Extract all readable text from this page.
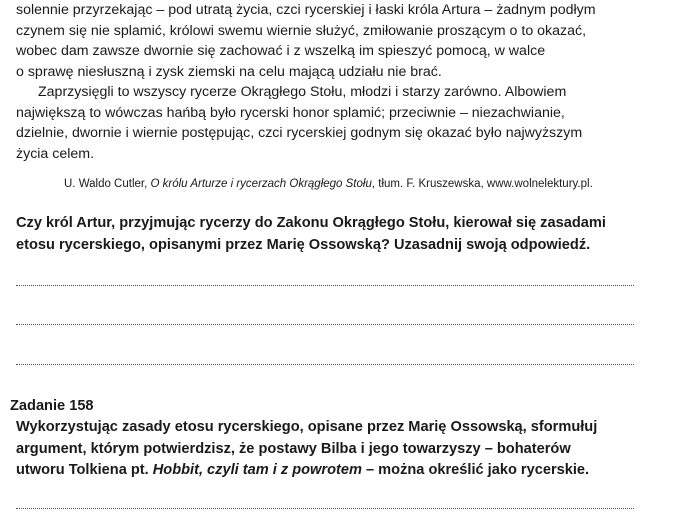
solennie przyrzekając – pod utratą życia, czci rycerskiej i łaski króla Artura – żadnym podłym
czynem się nie splamić, królowi swemu wiernie służyć, zmiłowanie proszącym o to okazać,
wobec dam zawsze dwornie się zachować i z wszelką im spieszyć pomocą, w walce
o sprawę niesłuszną i zysk ziemski na celu mającą udziału nie brać.

Zaprzysięgli to wszyscy rycerze Okrągłego Stołu, młodzi i starzy zarówno. Albowiem
największą to wówczas hańbą było rycerski honor splamić; przeciwnie – niezachwianie,
dzielnie, dwornie i wiernie postępując, czci rycerskiej godnym się okazać było najwyższym
życia celem.

U. Waldo Cutler, O królu Arturze i rycerzach Okrągłego Stołu, tłum. F. Kruszewska, www.wolnelektury.pl.

Czy król Artur, przyjmując rycerzy do Zakonu Okrągłego Stołu, kierował się zasadami
etosu rycerskiego, opisanymi przez Marię Ossowską? Uzasadnij swoją odpowiedź.

Zadanie 158

Wykorzystując zasady etosu rycerskiego, opisane przez Marię Ossowską, sformułuj
argument, którym potwierdzisz, że postawy Bilba i jego towarzyszy – bohaterów
utworu Tolkiena pt. Hobbit, czyli tam i z powrotem – można określić jako rycerskie.
